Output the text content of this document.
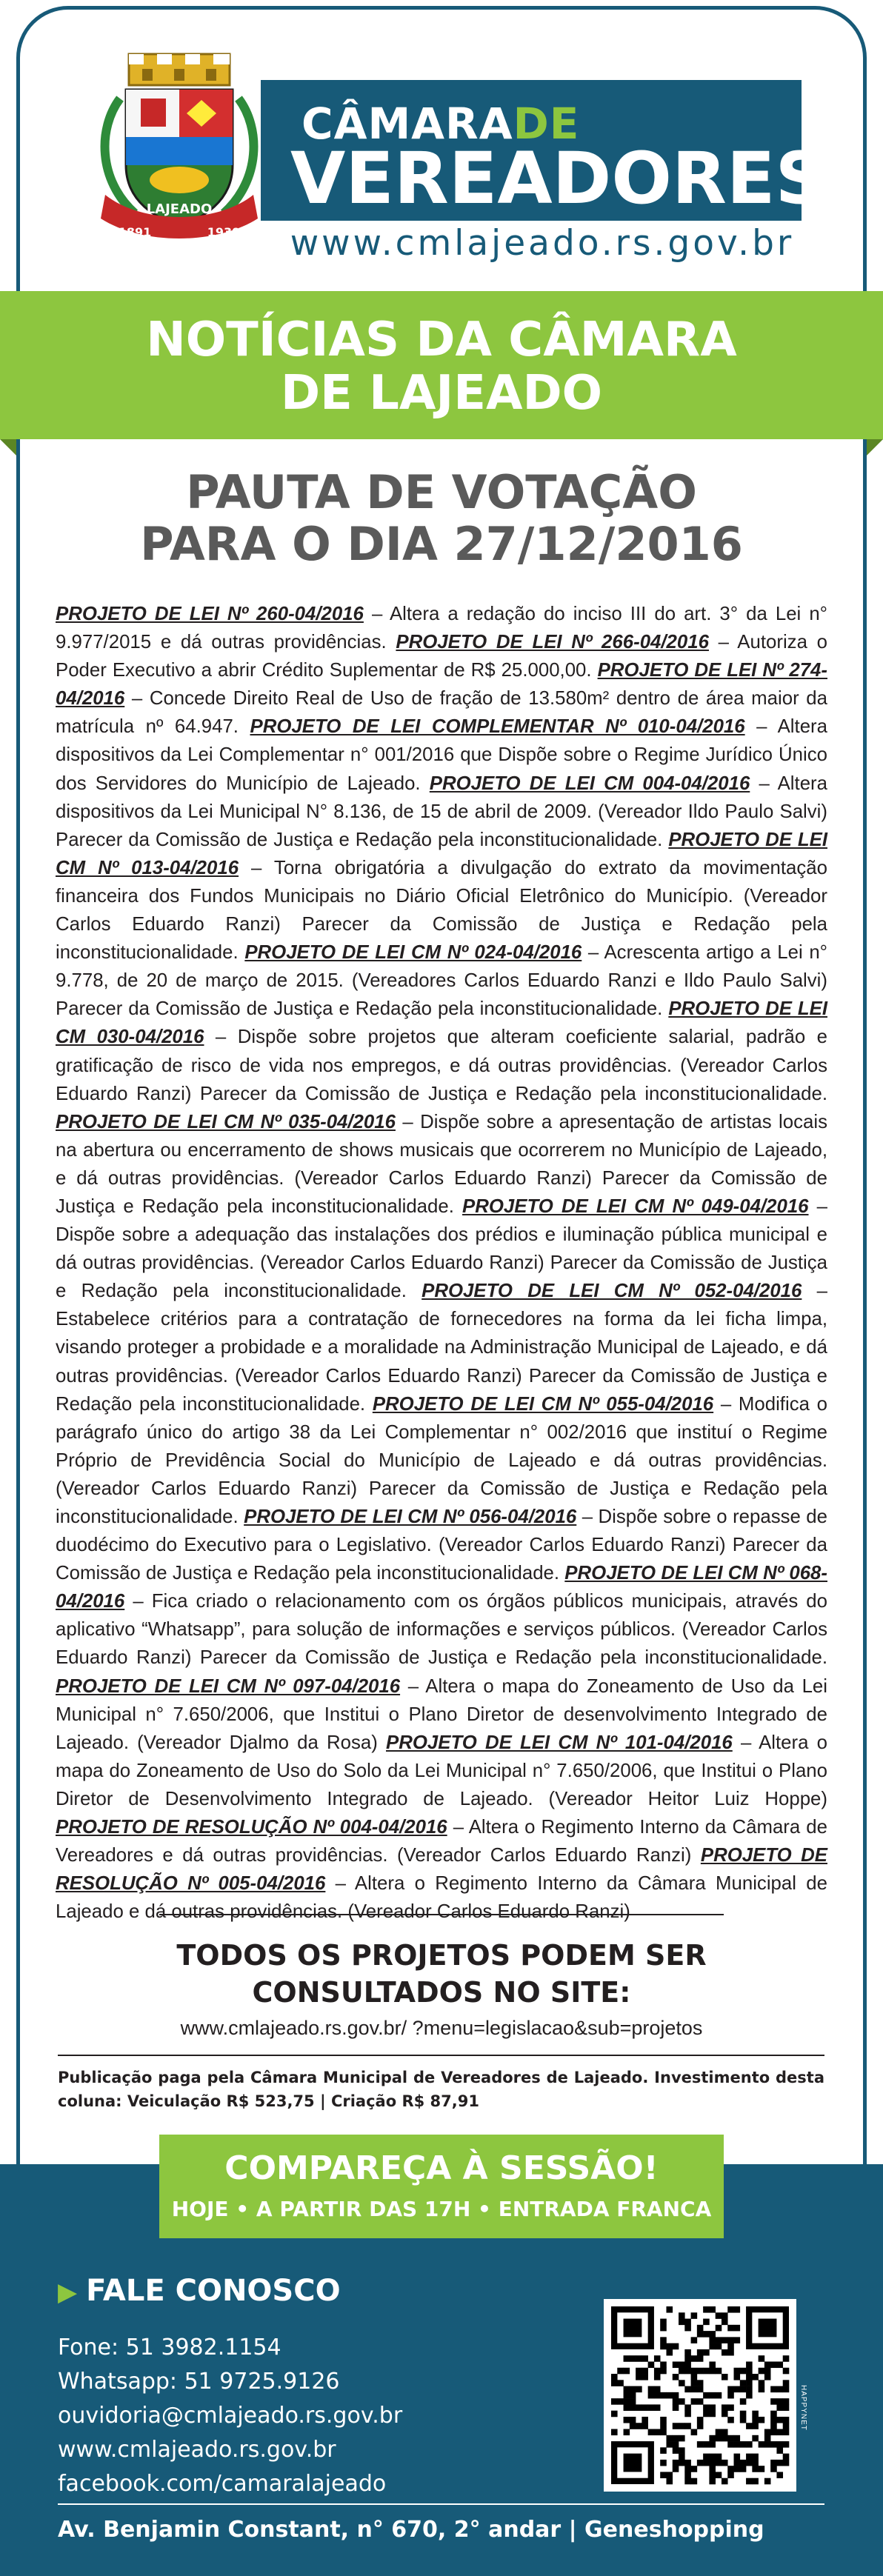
LAJEADO
1891	1939
CÂMARADE
VEREADORES
www.cmlajeado.rs.gov.br
NOTÍCIAS DA CÂMARA
DE LAJEADO
PAUTA DE VOTAÇÃO
PARA O DIA 27/12/2016
PROJETO DE LEI Nº 260-04/2016 – Altera a redação do inciso III do art. 3° da Lei n° 9.977/2015 e dá outras providências. PROJETO DE LEI Nº 266-04/2016 – Autoriza o Poder Executivo a abrir Crédito Suplementar de R$ 25.000,00. PROJETO DE LEI Nº 274-04/2016 – Concede Direito Real de Uso de fração de 13.580m² dentro de área maior da matrícula nº 64.947. PROJETO DE LEI COMPLEMENTAR Nº 010-04/2016 – Altera dispositivos da Lei Complementar n° 001/2016 que Dispõe sobre o Regime Jurídico Único dos Servidores do Município de Lajeado. PROJETO DE LEI CM 004-04/2016 – Altera dispositivos da Lei Municipal N° 8.136, de 15 de abril de 2009. (Vereador Ildo Paulo Salvi) Parecer da Comissão de Justiça e Redação pela inconstitucionalidade. PROJETO DE LEI CM Nº 013-04/2016 – Torna obrigatória a divulgação do extrato da movimentação financeira dos Fundos Municipais no Diário Oficial Eletrônico do Município. (Vereador Carlos Eduardo Ranzi) Parecer da Comissão de Justiça e Redação pela inconstitucionalidade. PROJETO DE LEI CM Nº 024-04/2016 – Acrescenta artigo a Lei n° 9.778, de 20 de março de 2015. (Vereadores Carlos Eduardo Ranzi e Ildo Paulo Salvi) Parecer da Comissão de Justiça e Redação pela inconstitucionalidade. PROJETO DE LEI CM 030-04/2016 – Dispõe sobre projetos que alteram coeficiente salarial, padrão e gratificação de risco de vida nos empregos, e dá outras providências. (Vereador Carlos Eduardo Ranzi) Parecer da Comissão de Justiça e Redação pela inconstitucionalidade. PROJETO DE LEI CM Nº 035-04/2016 – Dispõe sobre a apresentação de artistas locais na abertura ou encerramento de shows musicais que ocorrerem no Município de Lajeado, e dá outras providências. (Vereador Carlos Eduardo Ranzi) Parecer da Comissão de Justiça e Redação pela inconstitucionalidade. PROJETO DE LEI CM Nº 049-04/2016 – Dispõe sobre a adequação das instalações dos prédios e iluminação pública municipal e dá outras providências. (Vereador Carlos Eduardo Ranzi) Parecer da Comissão de Justiça e Redação pela inconstitucionalidade. PROJETO DE LEI CM Nº 052-04/2016 – Estabelece critérios para a contratação de fornecedores na forma da lei ficha limpa, visando proteger a probidade e a moralidade na Administração Municipal de Lajeado, e dá outras providências. (Vereador Carlos Eduardo Ranzi) Parecer da Comissão de Justiça e Redação pela inconstitucionalidade. PROJETO DE LEI CM Nº 055-04/2016 – Modifica o parágrafo único do artigo 38 da Lei Complementar n° 002/2016 que instituí o Regime Próprio de Previdência Social do Município de Lajeado e dá outras providências. (Vereador Carlos Eduardo Ranzi) Parecer da Comissão de Justiça e Redação pela inconstitucionalidade. PROJETO DE LEI CM Nº 056-04/2016 – Dispõe sobre o repasse de duodécimo do Executivo para o Legislativo. (Vereador Carlos Eduardo Ranzi) Parecer da Comissão de Justiça e Redação pela inconstitucionalidade. PROJETO DE LEI CM Nº 068-04/2016 – Fica criado o relacionamento com os órgãos públicos municipais, através do aplicativo “Whatsapp”, para solução de informações e serviços públicos. (Vereador Carlos Eduardo Ranzi) Parecer da Comissão de Justiça e Redação pela inconstitucionalidade. PROJETO DE LEI CM Nº 097-04/2016 – Altera o mapa do Zoneamento de Uso da Lei Municipal n° 7.650/2006, que Institui o Plano Diretor de desenvolvimento Integrado de Lajeado. (Vereador Djalmo da Rosa) PROJETO DE LEI CM Nº 101-04/2016 – Altera o mapa do Zoneamento de Uso do Solo da Lei Municipal n° 7.650/2006, que Institui o Plano Diretor de Desenvolvimento Integrado de Lajeado. (Vereador Heitor Luiz Hoppe) PROJETO DE RESOLUÇÃO Nº 004-04/2016 – Altera o Regimento Interno da Câmara de Vereadores e dá outras providências. (Vereador Carlos Eduardo Ranzi) PROJETO DE RESOLUÇÃO Nº 005-04/2016 – Altera o Regimento Interno da Câmara Municipal de Lajeado e dá outras providências. (Vereador Carlos Eduardo Ranzi)
TODOS OS PROJETOS PODEM SER
CONSULTADOS NO SITE:
www.cmlajeado.rs.gov.br/ ?menu=legislacao&sub=projetos
Publicação paga pela Câmara Municipal de Vereadores de Lajeado. Investimento desta coluna: Veiculação R$ 523,75 | Criação R$ 87,91
COMPAREÇA À SESSÃO!
HOJE • A PARTIR DAS 17H • ENTRADA FRANCA
▶ FALE CONOSCO
Fone: 51 3982.1154
Whatsapp: 51 9725.9126
ouvidoria@cmlajeado.rs.gov.br
www.cmlajeado.rs.gov.br
facebook.com/camaralajeado
HAPPYNET
Av. Benjamin Constant, n° 670, 2° andar | Geneshopping
